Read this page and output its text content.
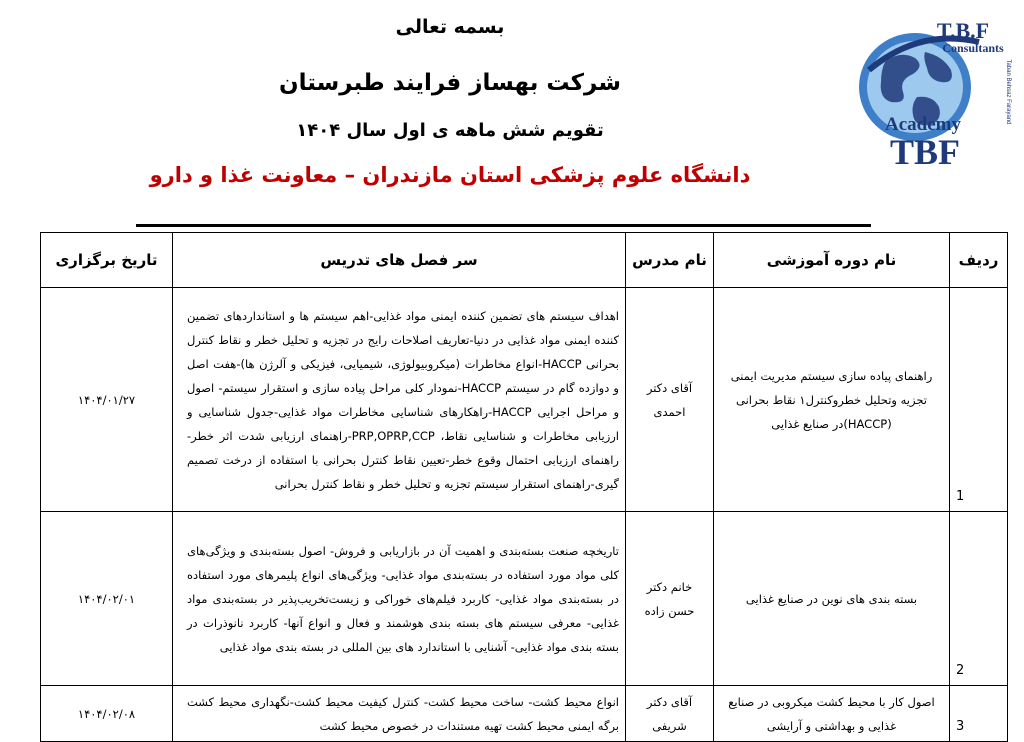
بسمه تعالی
شرکت بهساز فرایند طبرستان
تقویم شش ماهه ی اول سال ۱۴۰۴
دانشگاه علوم پزشکی استان مازندران – معاونت غذا و دارو
T.B.F
Consultants
Taban Behsaz Farayand
Academy
TBF
ردیف	نام دوره آموزشی	نام مدرس	سر فصل های تدریس	تاریخ برگزاری
1	راهنمای پیاده سازی سیستم مدیریت ایمنی تجزیه وتحلیل خطروکنترل۱ نقاط بحرانی (HACCP)در صنایع غذایی	آقای دکتر احمدی	اهداف سیستم های تضمین کننده ایمنی مواد غذایی-اهم سیستم ها و استانداردهای تضمین کننده ایمنی مواد غذایی در دنیا-تعاریف اصلاحات رایج در تجزیه و تحلیل خطر و نقاط کنترل بحرانی HACCP-انواع مخاطرات (میکروبیولوژی، شیمیایی، فیزیکی و آلرژن ها)-هفت اصل و دوازده گام در سیستم HACCP-نمودار کلی مراحل پیاده سازی و استقرار سیستم- اصول و مراحل اجرایی HACCP-راهکارهای شناسایی مخاطرات مواد غذایی-جدول شناسایی و ارزیابی مخاطرات و شناسایی نقاط، PRP,OPRP,CCP-راهنمای ارزیابی شدت اثر خطر-راهنمای ارزیابی احتمال وقوع خطر-تعیین نقاط کنترل بحرانی با استفاده از درخت تصمیم گیری-راهنمای استقرار سیستم تجزیه و تحلیل خطر و نقاط کنترل بحرانی	۱۴۰۴/۰۱/۲۷
2	بسته بندی های نوین در صنایع غذایی	خانم دکتر حسن زاده	تاریخچه صنعت بسته‌بندی و اهمیت آن در بازاریابی و فروش- اصول بسته‌بندی و ویژگی‌های کلی مواد مورد استفاده در بسته‌بندی مواد غذایی- ویژگی‌های انواع پلیمرهای مورد استفاده در بسته‌بندی مواد غذایی- کاربرد فیلم‌های خوراکی و زیست‌تخریب‌پذیر در بسته‌بندی مواد غذایی- معرفی سیستم های بسته بندی هوشمند و فعال و انواع آنها- کاربرد نانوذرات در بسته بندی مواد غذایی- آشنایی با استاندارد های بین المللی در بسته بندی مواد غذایی	۱۴۰۴/۰۲/۰۱
3	اصول کار با محیط کشت میکروبی در صنایع غذایی و بهداشتی و آرایشی	آقای دکتر شریفی	انواع محیط کشت- ساخت محیط کشت- کنترل کیفیت محیط کشت-نگهداری محیط کشت برگه ایمنی محیط کشت تهیه مستندات در خصوص محیط کشت	۱۴۰۴/۰۲/۰۸
